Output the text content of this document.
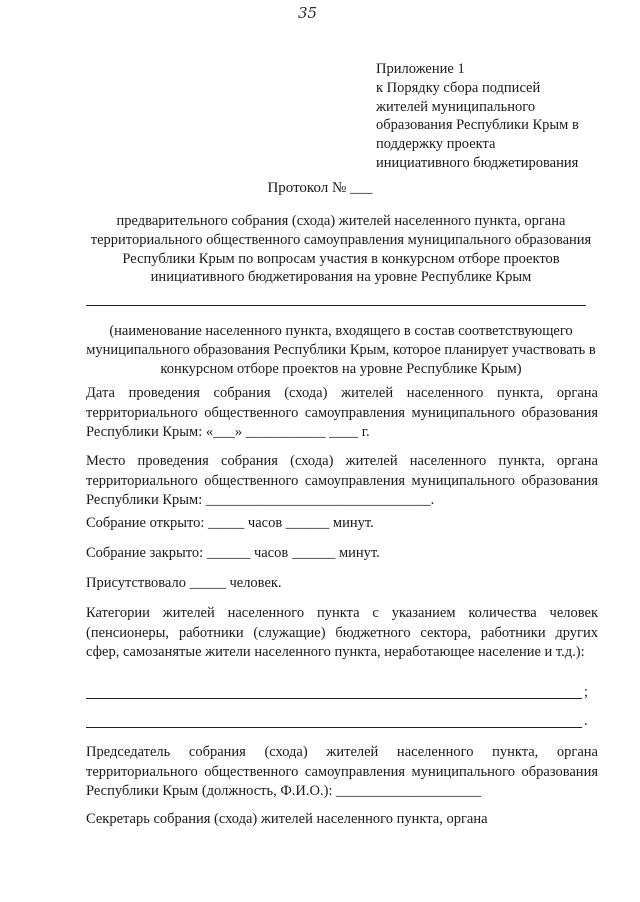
35
Приложение 1
к Порядку сбора подписей
жителей муниципального
образования Республики Крым в
поддержку проекта
инициативного бюджетирования
Протокол № ___
предварительного собрания (схода) жителей населенного пункта, органа территориального общественного самоуправления муниципального образования Республики Крым по вопросам участия в конкурсном отборе проектов инициативного бюджетирования на уровне Республике Крым
(наименование населенного пункта, входящего в состав соответствующего муниципального образования Республики Крым, которое планирует участвовать в конкурсном отборе проектов на уровне Республике Крым)
Дата проведения собрания (схода) жителей населенного пункта, органа территориального общественного самоуправления муниципального образования Республики Крым: «___» ___________ ____ г.
Место проведения собрания (схода) жителей населенного пункта, органа территориального общественного самоуправления муниципального образования Республики Крым: _______________________________.
Собрание открыто: _____ часов ______ минут.
Собрание закрыто: ______ часов ______ минут.
Присутствовало _____ человек.
Категории жителей населенного пункта с указанием количества человек (пенсионеры, работники (служащие) бюджетного сектора, работники других сфер, самозанятые жители населенного пункта, неработающее население и т.д.):
;
.
Председатель собрания (схода) жителей населенного пункта, органа территориального общественного самоуправления муниципального образования Республики Крым (должность, Ф.И.О.): ____________________
Секретарь собрания (схода) жителей населенного пункта, органа
